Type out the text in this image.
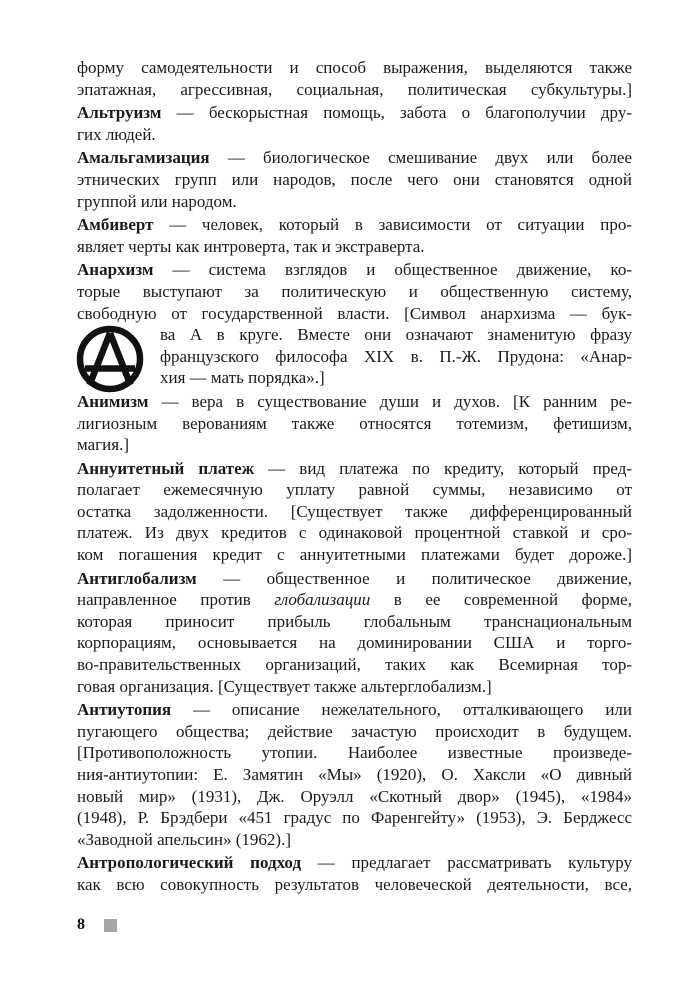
форму самодеятельности и способ выражения, выделяются также
эпатажная, агрессивная, социальная, политическая субкультуры.]

Альтруизм — бескорыстная помощь, забота о благополучии дру-
гих людей.

Амальгамизация — биологическое смешивание двух или более
этнических групп или народов, после чего они становятся одной
группой или народом.

Амбиверт — человек, который в зависимости от ситуации про-
являет черты как интроверта, так и экстраверта.

Анархизм — система взглядов и общественное движение, ко-
торые выступают за политическую и общественную систему,
свободную от государственной власти. [Символ анархизма — бук-
ва А в круге. Вместе они означают знаменитую фразу
французского философа XIX в. П.-Ж. Прудона: «Анар-
хия — мать порядка».]

Анимизм — вера в существование души и духов. [К ранним ре-
лигиозным верованиям также относятся тотемизм, фетишизм,
магия.]

Аннуитетный платеж — вид платежа по кредиту, который пред-
полагает ежемесячную уплату равной суммы, независимо от
остатка задолженности. [Существует также дифференцированный
платеж. Из двух кредитов с одинаковой процентной ставкой и сро-
ком погашения кредит с аннуитетными платежами будет дороже.]

Антиглобализм — общественное и политическое движение,
направленное против глобализации в ее современной форме,
которая приносит прибыль глобальным транснациональным
корпорациям, основывается на доминировании США и торго-
во-правительственных организаций, таких как Всемирная тор-
говая организация. [Существует также альтерглобализм.]

Антиутопия — описание нежелательного, отталкивающего или
пугающего общества; действие зачастую происходит в будущем.
[Противоположность утопии. Наиболее известные произведе-
ния-антиутопии: Е. Замятин «Мы» (1920), О. Хаксли «О дивный
новый мир» (1931), Дж. Оруэлл «Скотный двор» (1945), «1984»
(1948), Р. Брэдбери «451 градус по Фаренгейту» (1953), Э. Берджесс
«Заводной апельсин» (1962).]

Антропологический подход — предлагает рассматривать культуру
как всю совокупность результатов человеческой деятельности, все,

8
